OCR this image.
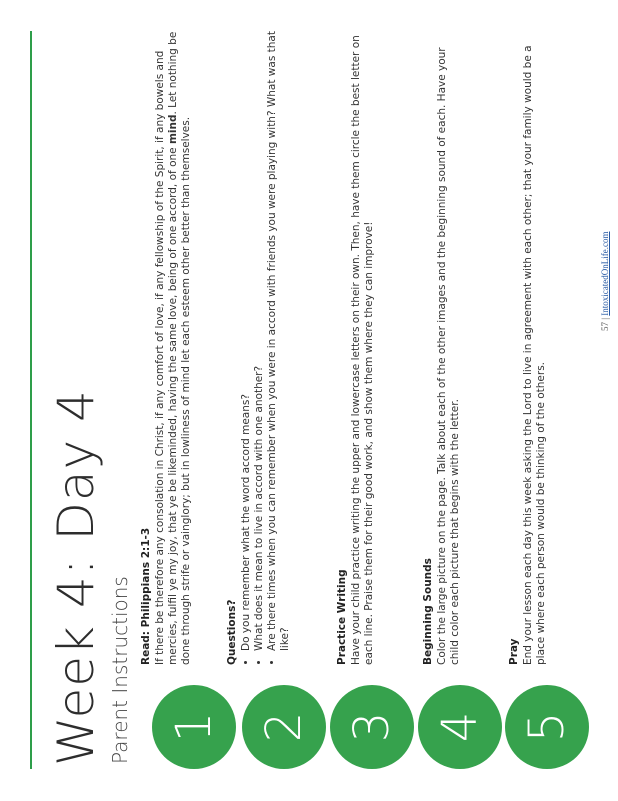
Week 4: Day 4 Parent Instructions 1

Read: Philippians 2:1-3 If there be therefore any consolation in Christ, if any comfort of love, if any fellowship of the Spirit, if any bowels and mercies, fulfil ye my joy, that ye be likeminded, having the same love, being of one accord, of one mind. Let nothing be done through strife or vainglory; but in lowliness of mind let each esteem other better than themselves.

2

Questions? • Do you remember what the word accord means? • What does it mean to live in accord with one another? • Are there times when you can remember when you were in accord with friends you were playing with? What was that like?
3

Practice Writing Have your child practice writing the upper and lowercase letters on their own. Then, have them circle the best letter on each line. Praise them for their good work, and show them where they can improve!

4

Beginning Sounds Color the large picture on the page. Talk about each of the other images and the beginning sound of each. Have your child color each picture that begins with the letter.

5

Pray End your lesson each day this week asking the Lord to live in agreement with each other; that your family would be a place where each person would be thinking of the others.

57 | IntoxicatedOnLife.com
